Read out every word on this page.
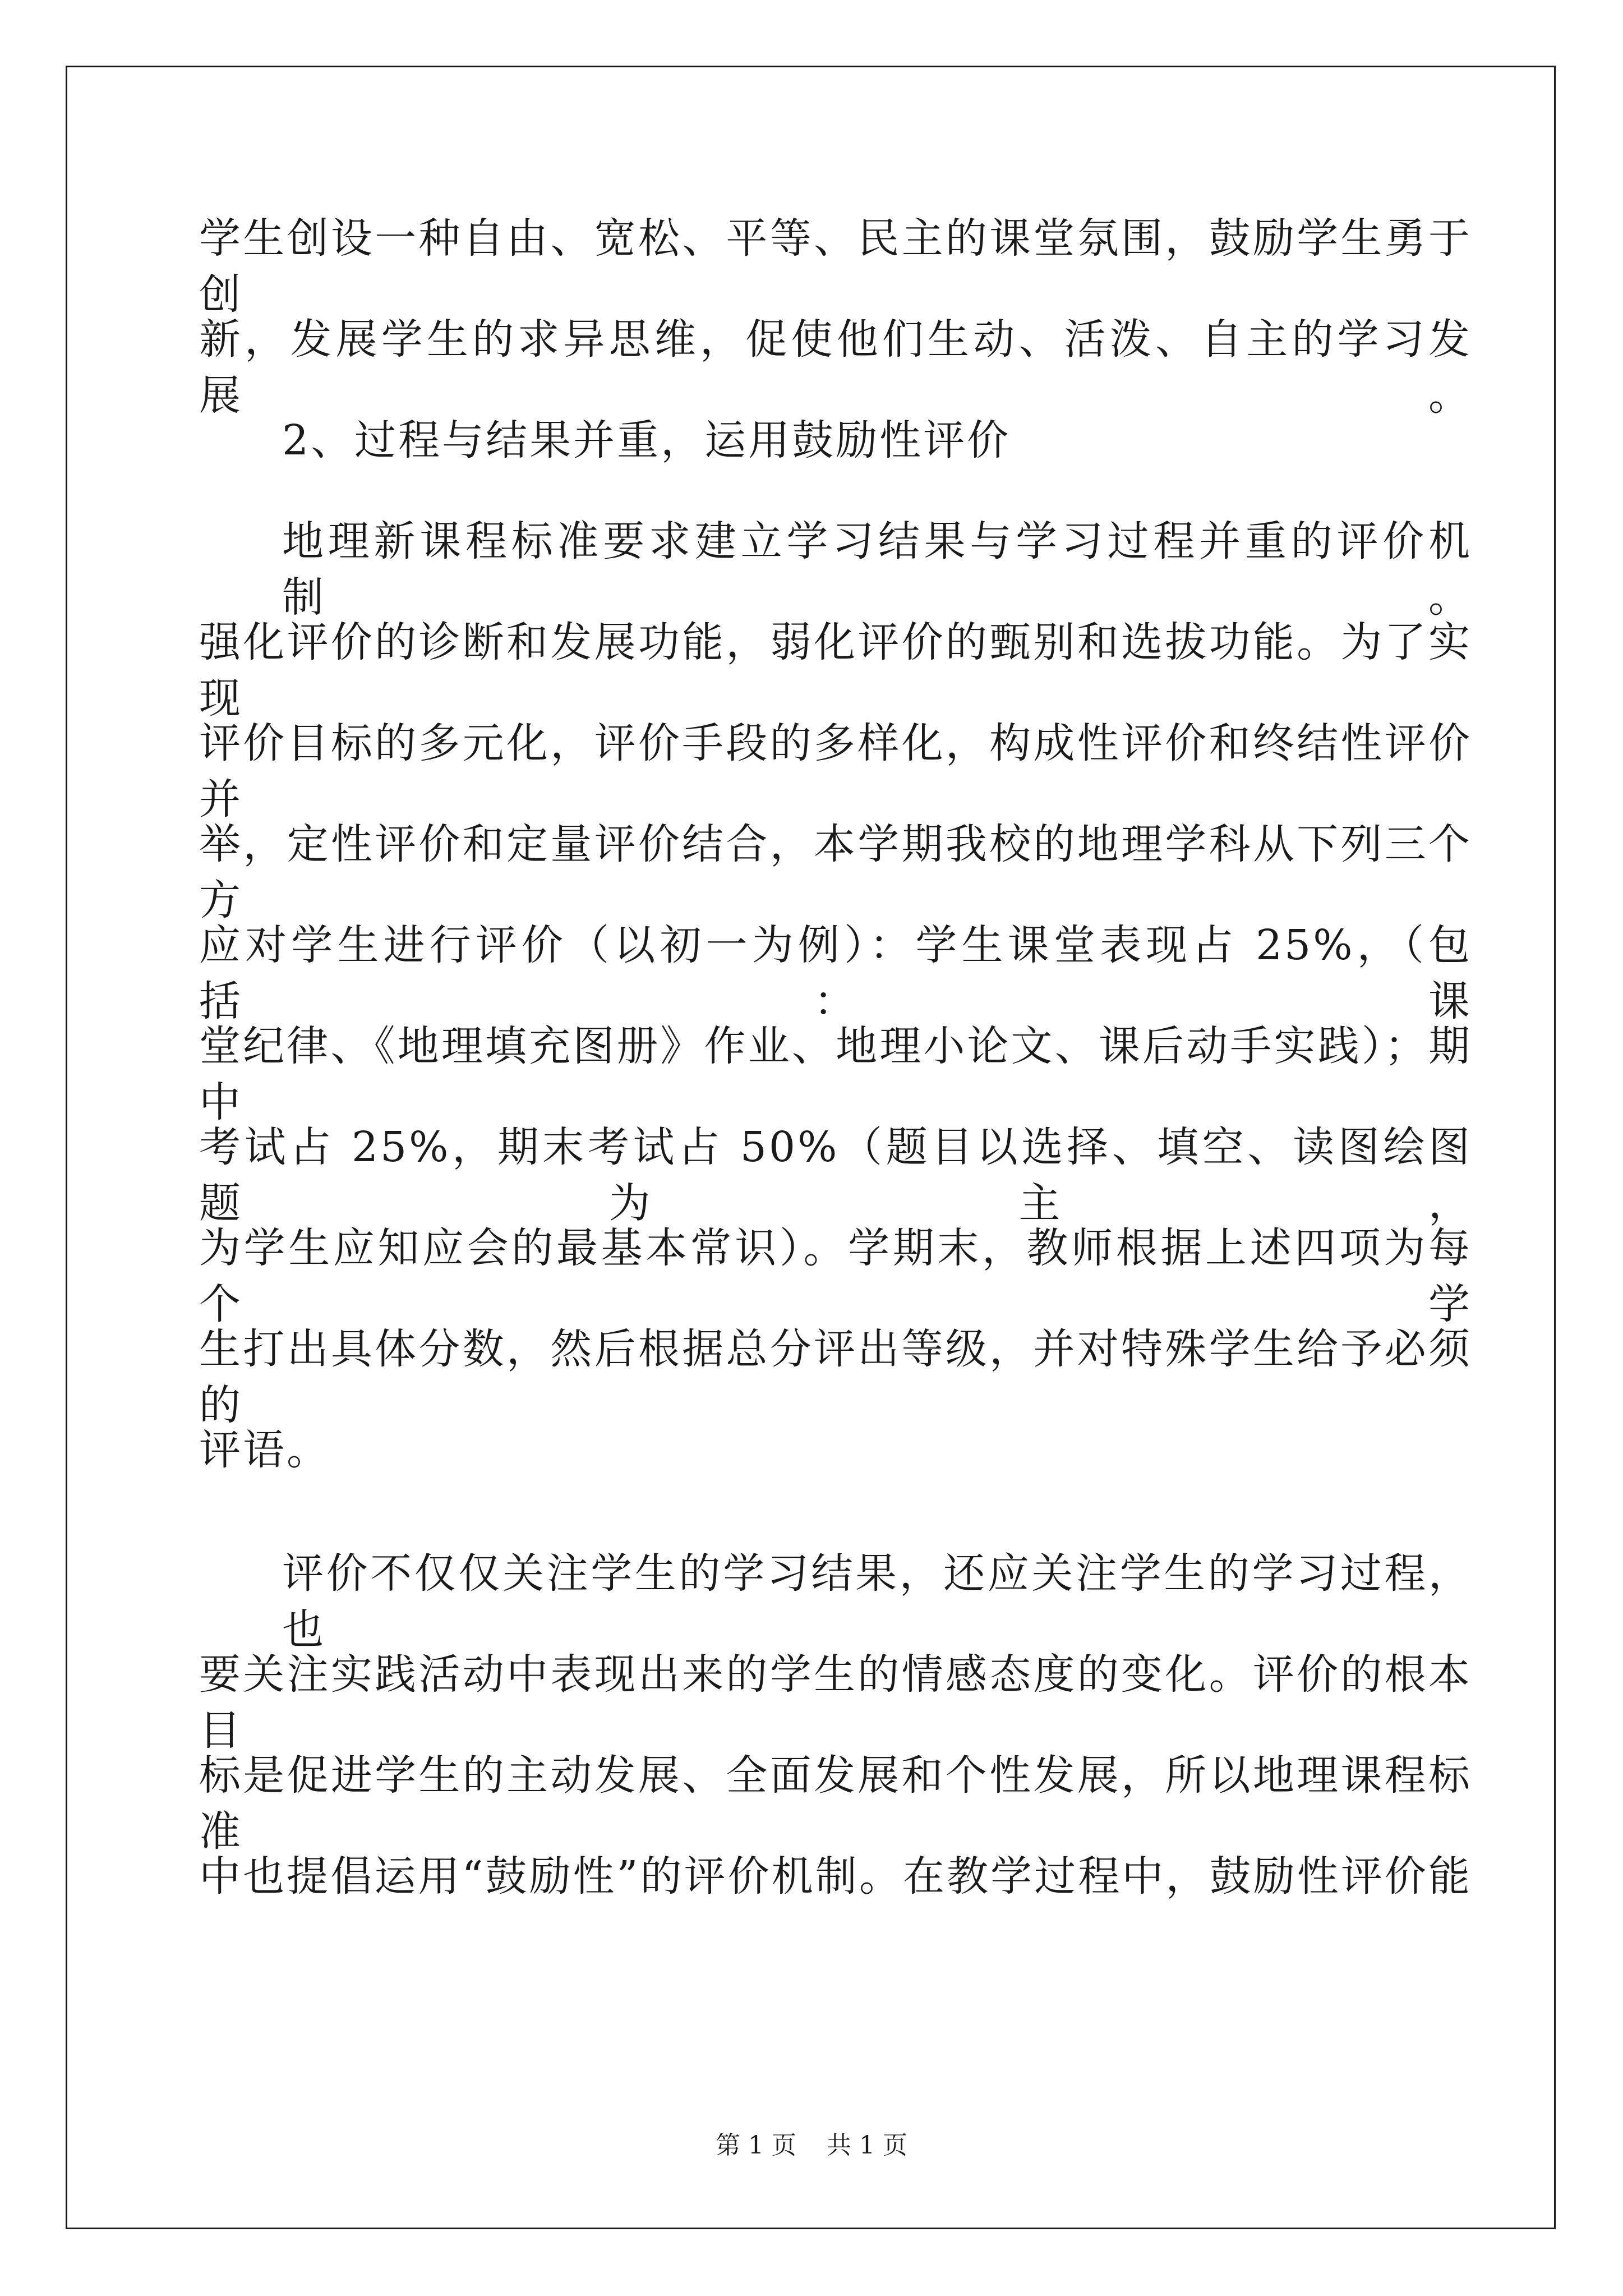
学生创设一种自由、宽松、平等、民主的课堂氛围，鼓励学生勇于创
新，发展学生的求异思维，促使他们生动、活泼、自主的学习发展。
2、过程与结果并重，运用鼓励性评价
地理新课程标准要求建立学习结果与学习过程并重的评价机制。
强化评价的诊断和发展功能，弱化评价的甄别和选拔功能。为了实现
评价目标的多元化，评价手段的多样化，构成性评价和终结性评价并
举，定性评价和定量评价结合，本学期我校的地理学科从下列三个方
应对学生进行评价（以初一为例）：学生课堂表现占 25%，（包括：课
堂纪律、《地理填充图册》作业、地理小论文、课后动手实践）；期中
考试占 25%，期末考试占 50%（题目以选择、填空、读图绘图题为主，
为学生应知应会的最基本常识）。学期末，教师根据上述四项为每个学
生打出具体分数，然后根据总分评出等级，并对特殊学生给予必须的
评语。
评价不仅仅关注学生的学习结果，还应关注学生的学习过程，也
要关注实践活动中表现出来的学生的情感态度的变化。评价的根本目
标是促进学生的主动发展、全面发展和个性发展，所以地理课程标准
中也提倡运用“鼓励性”的评价机制。在教学过程中，鼓励性评价能
第 1 页 共 1 页
